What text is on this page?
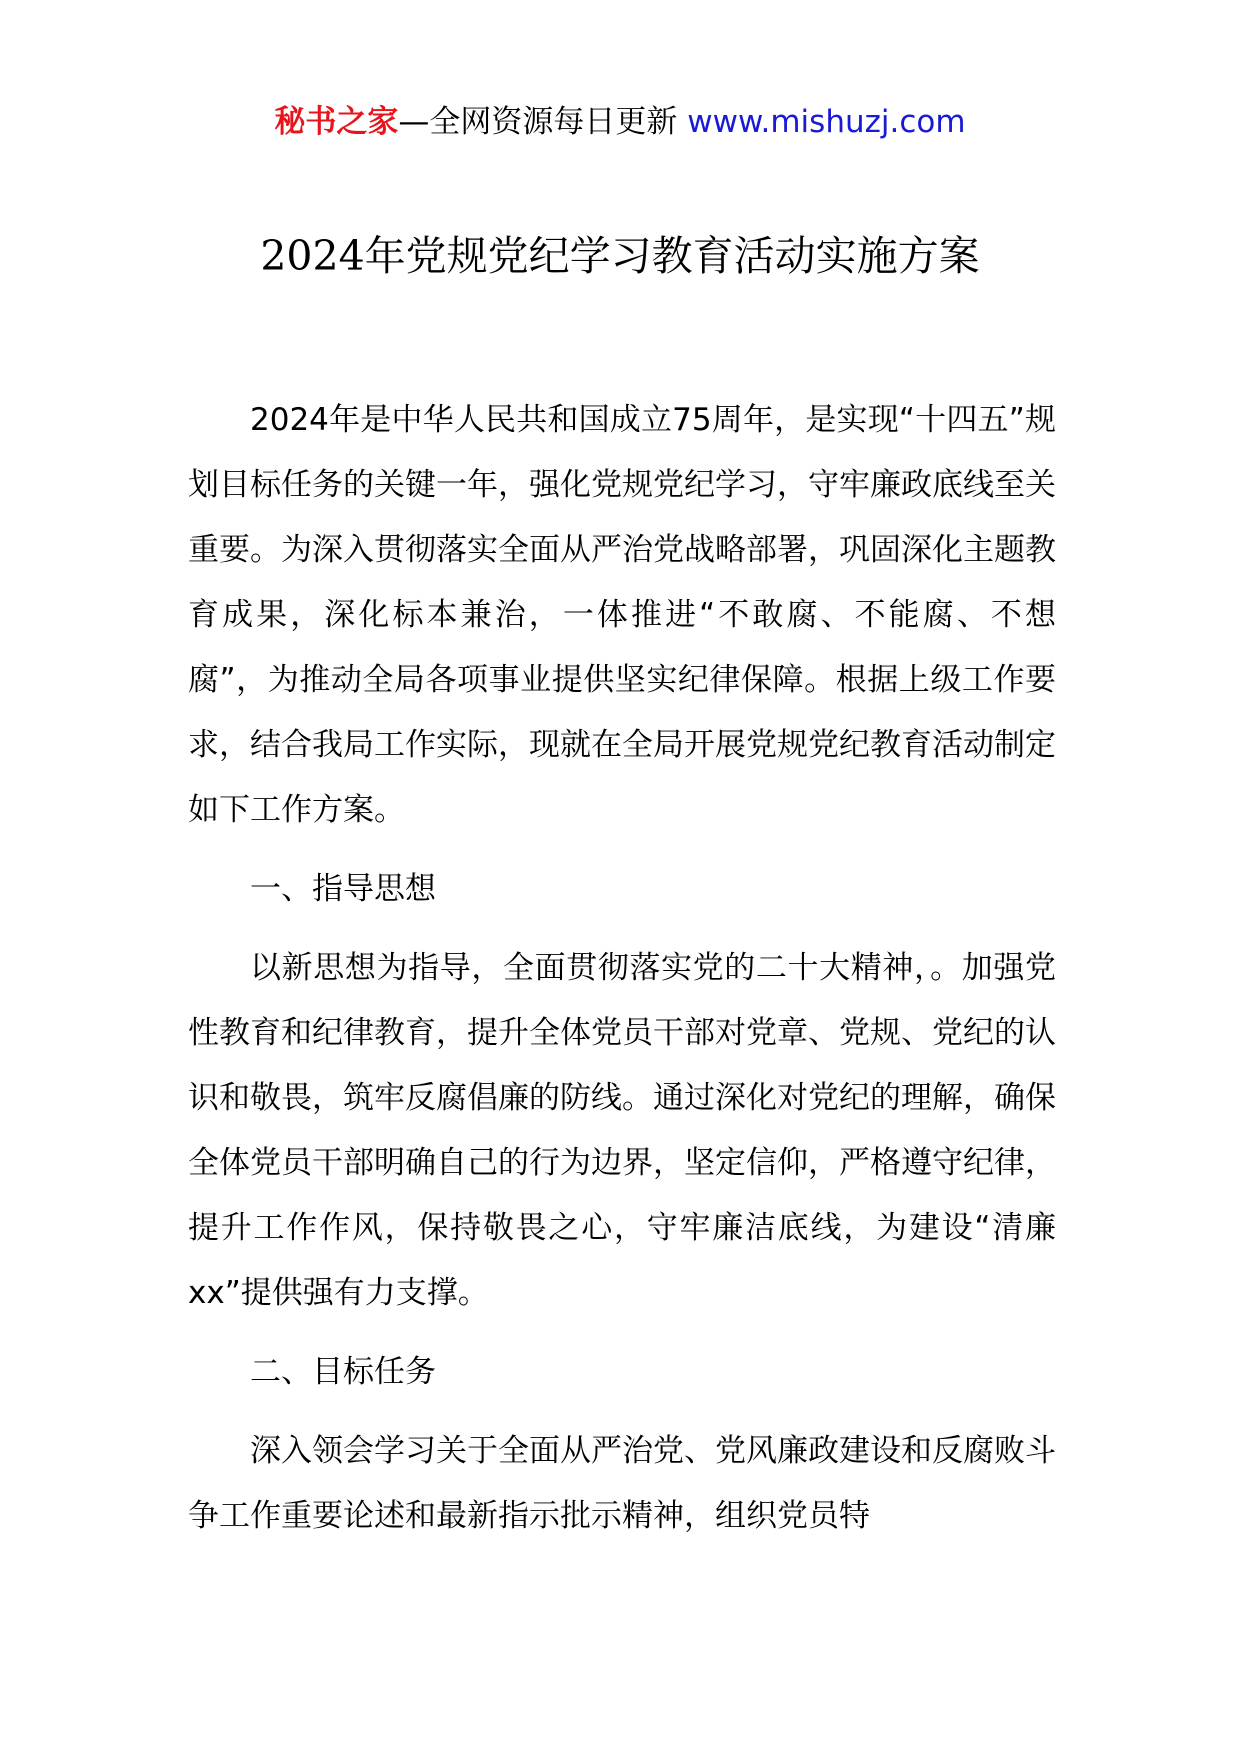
秘书之家—全网资源每日更新 www.mishuzj.com
2024年党规党纪学习教育活动实施方案

2024年是中华人民共和国成立75周年，是实现“十四五”规划目标任务的关键一年，强化党规党纪学习，守牢廉政底线至关重要。为深入贯彻落实全面从严治党战略部署，巩固深化主题教育成果，深化标本兼治，一体推进“不敢腐、不能腐、不想腐”，为推动全局各项事业提供坚实纪律保障。根据上级工作要求，结合我局工作实际，现就在全局开展党规党纪教育活动制定如下工作方案。

一、指导思想

以新思想为指导，全面贯彻落实党的二十大精神，。加强党性教育和纪律教育，提升全体党员干部对党章、党规、党纪的认识和敬畏，筑牢反腐倡廉的防线。通过深化对党纪的理解，确保全体党员干部明确自己的行为边界，坚定信仰，严格遵守纪律，提升工作作风，保持敬畏之心，守牢廉洁底线，为建设“清廉xx”提供强有力支撑。

二、目标任务

深入领会学习关于全面从严治党、党风廉政建设和反腐败斗争工作重要论述和最新指示批示精神，组织党员特
